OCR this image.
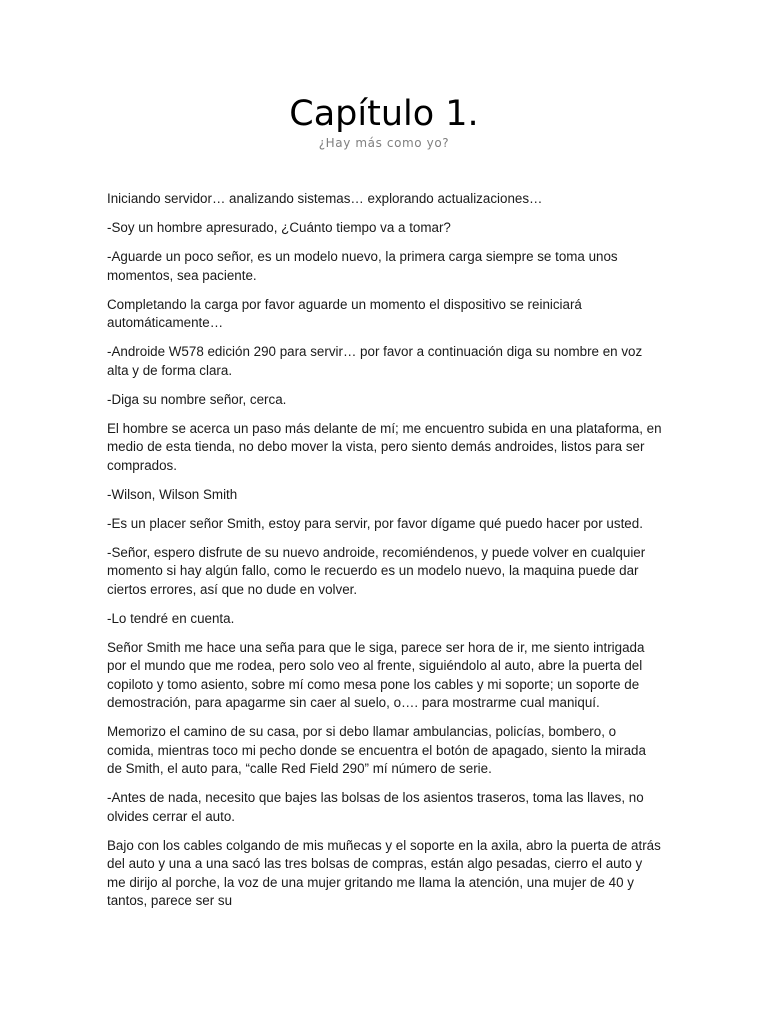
Capítulo 1.
¿Hay más como yo?

Iniciando servidor… analizando sistemas… explorando actualizaciones…

-Soy un hombre apresurado, ¿Cuánto tiempo va a tomar?

-Aguarde un poco señor, es un modelo nuevo, la primera carga siempre se toma unos momentos, sea paciente.

Completando la carga por favor aguarde un momento el dispositivo se reiniciará automáticamente…

-Androide W578 edición 290 para servir… por favor a continuación diga su nombre en voz alta y de forma clara.

-Diga su nombre señor, cerca.

El hombre se acerca un paso más delante de mí; me encuentro subida en una plataforma, en medio de esta tienda, no debo mover la vista, pero siento demás androides, listos para ser comprados.

-Wilson, Wilson Smith

-Es un placer señor Smith, estoy para servir, por favor dígame qué puedo hacer por usted.

-Señor, espero disfrute de su nuevo androide, recomiéndenos, y puede volver en cualquier momento si hay algún fallo, como le recuerdo es un modelo nuevo, la maquina puede dar ciertos errores, así que no dude en volver.

-Lo tendré en cuenta.

Señor Smith me hace una seña para que le siga, parece ser hora de ir, me siento intrigada por el mundo que me rodea, pero solo veo al frente, siguiéndolo al auto, abre la puerta del copiloto y tomo asiento, sobre mí como mesa pone los cables y mi soporte; un soporte de demostración, para apagarme sin caer al suelo, o…. para mostrarme cual maniquí.

Memorizo el camino de su casa, por si debo llamar ambulancias, policías, bombero, o comida, mientras toco mi pecho donde se encuentra el botón de apagado, siento la mirada de Smith, el auto para, “calle Red Field 290” mí número de serie.

-Antes de nada, necesito que bajes las bolsas de los asientos traseros, toma las llaves, no olvides cerrar el auto.

Bajo con los cables colgando de mis muñecas y el soporte en la axila, abro la puerta de atrás del auto y una a una sacó las tres bolsas de compras, están algo pesadas, cierro el auto y me dirijo al porche, la voz de una mujer gritando me llama la atención, una mujer de 40 y tantos, parece ser su
